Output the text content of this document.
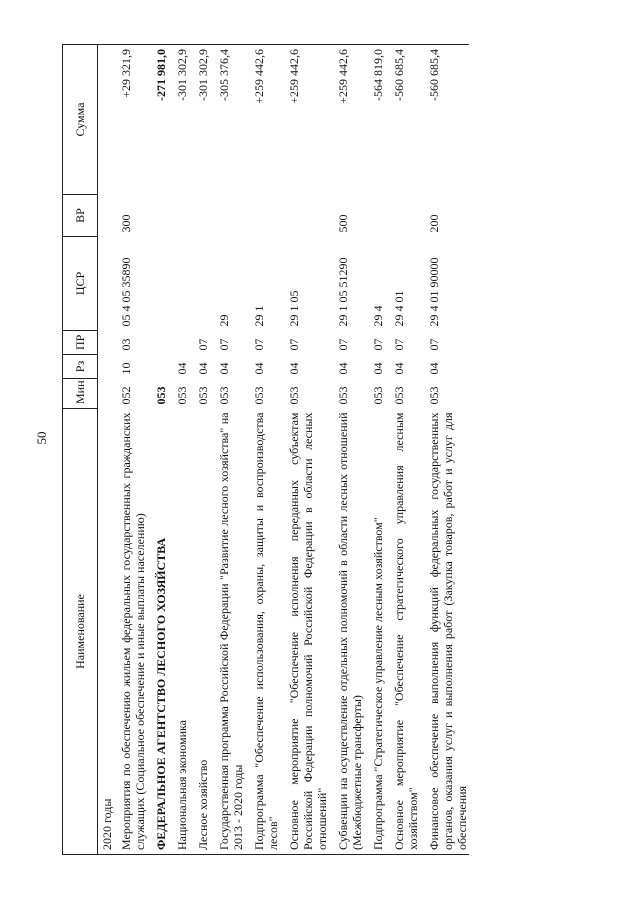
50
Наименование	Мин	Рз	ПР	ЦСР	ВР	Сумма
2020 годы						
Мероприятия по обеспечению жильем федеральных государственных гражданских служащих (Социальное обеспечение и иные выплаты населению)	052	10	03	05 4 05 35890	300	+29 321,9
ФЕДЕРАЛЬНОЕ АГЕНТСТВО ЛЕСНОГО ХОЗЯЙСТВА	053					-271 981,0
Национальная экономика	053	04				-301 302,9
Лесное хозяйство	053	04	07			-301 302,9
Государственная программа Российской Федерации "Развитие лесного хозяйства" на 2013 - 2020 годы	053	04	07	29		-305 376,4
Подпрограмма "Обеспечение использования, охраны, защиты и воспроизводства лесов"	053	04	07	29 1		+259 442,6
Основное мероприятие "Обеспечение исполнения переданных субъектам Российской Федерации полномочий Российской Федерации в области лесных отношений"	053	04	07	29 1 05		+259 442,6
Субвенции на осуществление отдельных полномочий в области лесных отношений (Межбюджетные трансферты)	053	04	07	29 1 05 51290	500	+259 442,6
Подпрограмма "Стратегическое управление лесным хозяйством"	053	04	07	29 4		-564 819,0
Основное мероприятие "Обеспечение стратегического управления лесным хозяйством"	053	04	07	29 4 01		-560 685,4
Финансовое обеспечение выполнения функций федеральных государственных органов, оказания услуг и выполнения работ (Закупка товаров, работ и услуг для обеспечения	053	04	07	29 4 01 90000	200	-560 685,4
